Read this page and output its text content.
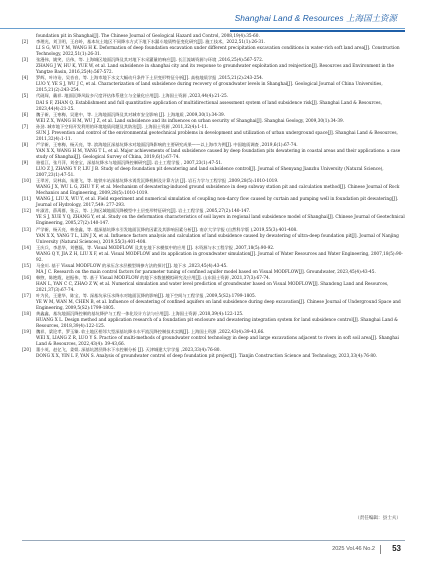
Shanghai Land & Resources 上海国土资源
foundation pit in Shanghai[J]. The Chinese Journal of Geological Hazard and Control, 2008,19(4):35-60.
[2]	李理光，刘卫明，王启岭，基本坑土地区不同降水方式下地下水漏斗地质特征变化研究[J]. 施工技术，2022,51(1):26-31.
LI S G, WU Y M, WANG H K. Deformation of deep foundation excavation under different precipitation excavation conditions in water-rich soft land area[J]. Construction Technology, 2022,51(1):26-31.
[3]	张漫伟，姚笑，岳伟，等. 上海城区地面沉降及其对地下水采灌量的响应[J]. 长江流域资源与环境 ,2016,25(4):567-572.
ZHANG J W, HU K, YUE W, et al. Land subsidence in shanghai city and its response to groundwater exploitation and reinjection[J]. Resources and Environment in the Yangtze Basin, 2016,25(4):567-572.
[4]	罗辉，叶诗诒，吴音音，等. 上海市地下水文大幅动升条件下土层变形特征分析[J]. 高校地质学报 ,2015,21(2):243-254.
LUO Y, YE S J, WU J C, et al. Characterization of land subsidence during recovery of groundwater levels in Shanghai[J]. Geological Journal of China Universities, 2015,21(2):243-254.
[5]	代砚琛，戴祥. 地面沉降风险多尺度评估体系建立与全量化应用[J]. 上海国土资源 ,2023,44(4):21-25.
DAI S F, ZHAN Q. Establishment and full quantitative application of multidirectional assessment system of land subsidence risk[J]. Shanghai Land & Resources, 2023,44(4):21-25.
[6]	魏子新，王寒梅，吴建中，等. 上海地面沉降及其对城市安全影响 [J]. 上海地质 ,2009,30(1):34-39.
WEI Z X, WANG H M, WU J Z, et al. Land subsidence and its influences on urban security of Shanghai[J]. Shanghai Geology, 2009,30(1):34-39.
[7]	孙劲. 城市地下空间开发利用的环境地质问题及其防治[J]. 上海国土资源 ,2011,32(4):1-11.
SUN J. Prevention and control of the environmental geotechnical problems in development and utilization of urban underground space[J]. Shanghai Land & Resources, 2011,32(4):1-11.
[8]	严学新，王寒梅，杨天亮，等. 滨海地区深基坑降水对地面沉降影响的主要研究成果——以上海市为例[J]. 中国地质调查 ,2019,6(1):67-74.
YAN X X, WANG H M, YANG T L, et al. Major achievements of land subsidence caused by deep foundation pits dewatering in coastal areas and their applications: a case study of Shanghai[J]. Geological Survey of China, 2019,6(1):67-74.
[9]	骆祖江，张月萍，刘金宝，深基坑降水与地面沉降控制研究[J]. 岩土工程学报 , 2007,23(1):47-51.
LUO Z J, ZHANG Y P, LIU J B. Study of deep foundation pit dewatering and land subsidence control[J]. Journal of Shenyang Jianzhu University (Natural Science), 2007,23(1):47-51.
[10]	王翠芳，吴林高，朱建飞，等. 地铁车站深基坑降水诱发沉降机制及计算方法 [J]. 岩石力学与工程学报 ,2009,28(5):1010-1019.
WANG J X, WU L G, ZHU Y F, et al. Mechanism of dewatering-induced ground subsidence in deep subway station pit and calculation method[J]. Chinese Journal of Rock Mechanics and Engineering, 2009,28(5):1010-1019.
[11]	WANG J, LIU X, WU Y, et al. Field experiment and numerical simulation of coupling non-darcy flow caused by curtain and pumping well in foundation pit dewatering[J]. Journal of Hydrology, 2017,549: 277-293.
[12]	叶淑君，薛禹群，张云，等. 上海区域地面沉降模型中土层变形特征研究[J]. 岩土工程学报 ,2005,27(2):140-147.
YE S J, XUE Y Q, ZHANG Y, et al. Study on the deformation characteristics of soil layers in regional land subsidence model of Shanghai[J]. Chinese Journal of Geotechnical Engineering, 2005,27(2):140-147.
[13]	严学新，杨天亮，林金鑫，等. 超深基坑降水引发地面沉降的因素及其影响因素分析[J]. 南京大学学报 (自然科学版 ),2019,55(3):401-408.
YAN X X, YANG T L, LIN J X, et al. Influence factors analysis and calculation of land subsidence caused by dewatering of ultra-deep foundation pit[J]. Journal of Nanjing University (Natural Sciences), 2019,55(3):401-408.
[14]	王庆兵，李思华，刘德磊，等. Visual MODFLOW 及其在地下水模拟中的应用 [J]. 水资源与水工程学报 ,2007,18(5):90-92.
WANG Q Y, JIA Z H, LIU X F, et al. Visual MODFLOW and its application in groundwater simulation[J]. Journal of Water Resources and Water Engineering, 2007,18(5):90-92.
[15]	马金川. 基于 Visual MODFLOW 的承压含水层模型调参方法的探讨[J]. 地下水 ,2023,45(4):43-45.
MA J C. Research on the main control factors for parameter tuning of confined aquifer model based on Visual MODFLOW[J]. Groundwater, 2023,45(4):43-45.
[16]	韩煦，陈艳霞，赵振伟，等. 基于 Visual MODFLOW 的地下水数值模拟研究及应用[J]. 山东国土资源 ,2021,37(3):67-74.
HAN L, YAN C C, ZHAO Z W, et al. Numerical simulation and water level prediction of groundwater based on Visual MODFLOW[J]. Shandong Land and Resources, 2021,37(3):67-74.
[17]	叶为民，王建华，陈宝，等. 深基坑承压水降水对地面沉降的影响[J]. 地下空间与工程学报 ,2009,5(S2):1799-1805.
YE W M, WAN M, CHEN B, et al. Influence of dewatering of confined aquifers on land subsidence during deep excavation[J]. Chinese Journal of Underground Space and Engineering, 2009,5(S2):1799-1805.
[18]	黄鑫鑫，基坑地面沉降控制的基坑降护与工程一体化设计方法与应用[J]. 上海国土资源 ,2018,39(4):122-125.
HUANG X L. Design method and application research of a foundation pit enclosure and dewatering integration system for land subsidence control[J]. Shanghai Land & Resources, 2018,39(4):122-125.
[19]	魏祥，梁论孝，罗玉臻. 软土地区相邻大型深基坑降水水平流沉降控制技术实践[J]. 上海国土资源 ,2022,43(4):39-43,66.
WEI X, LIANG Z R, LUO Y S. Practice of multi-methods of groundwater control technology in deep and large excavations adjacent to rivers in soft soil area[J]. Shanghai Land & Resources, 2022,43(4): 39-43,66.
[20]	董小英，赵亿飞，姜娱. 深基坑潜层降水下水控制分析 [J]. 天津城建大学学报 ,2023,33(4):76-80.
DONG X X, YIN L F, YAN S. Analysis of groundwater control of deep foundation pit project[J]. Tianjin Construction Science and Technology, 2023,33(4):76-80.
（责任编辑：县士夫）
2025 Vol.46 No.2 53
